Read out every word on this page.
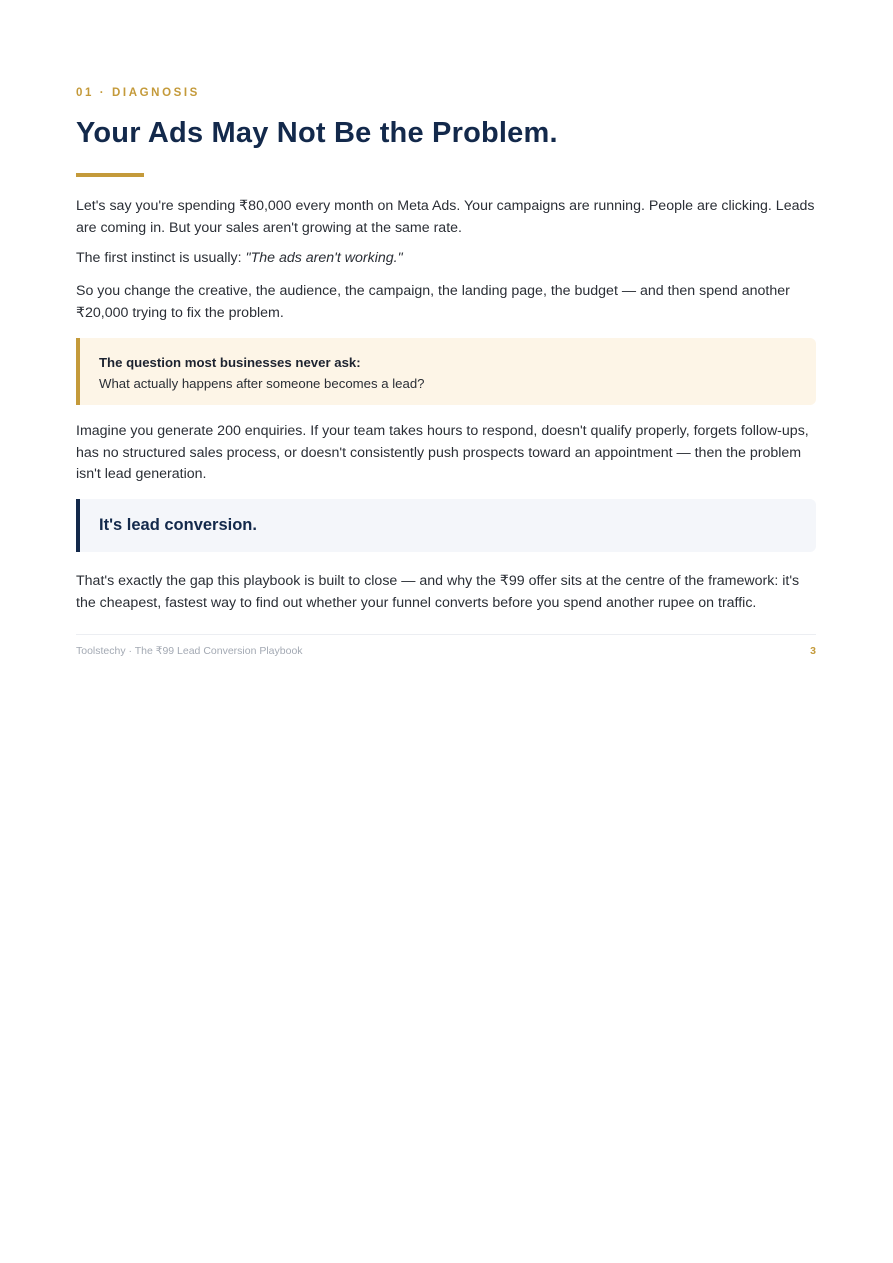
01 · DIAGNOSIS
Your Ads May Not Be the Problem.

Let's say you're spending ₹80,000 every month on Meta Ads. Your campaigns are running. People are clicking. Leads are coming in. But your sales aren't growing at the same rate.

The first instinct is usually: "The ads aren't working."

So you change the creative, the audience, the campaign, the landing page, the budget — and then spend another ₹20,000 trying to fix the problem.

The question most businesses never ask:
What actually happens after someone becomes a lead?

Imagine you generate 200 enquiries. If your team takes hours to respond, doesn't qualify properly, forgets follow-ups, has no structured sales process, or doesn't consistently push prospects toward an appointment — then the problem isn't lead generation.

It's lead conversion.

That's exactly the gap this playbook is built to close — and why the ₹99 offer sits at the centre of the framework: it's the cheapest, fastest way to find out whether your funnel converts before you spend another rupee on traffic.

Toolstechy · The ₹99 Lead Conversion Playbook	3
